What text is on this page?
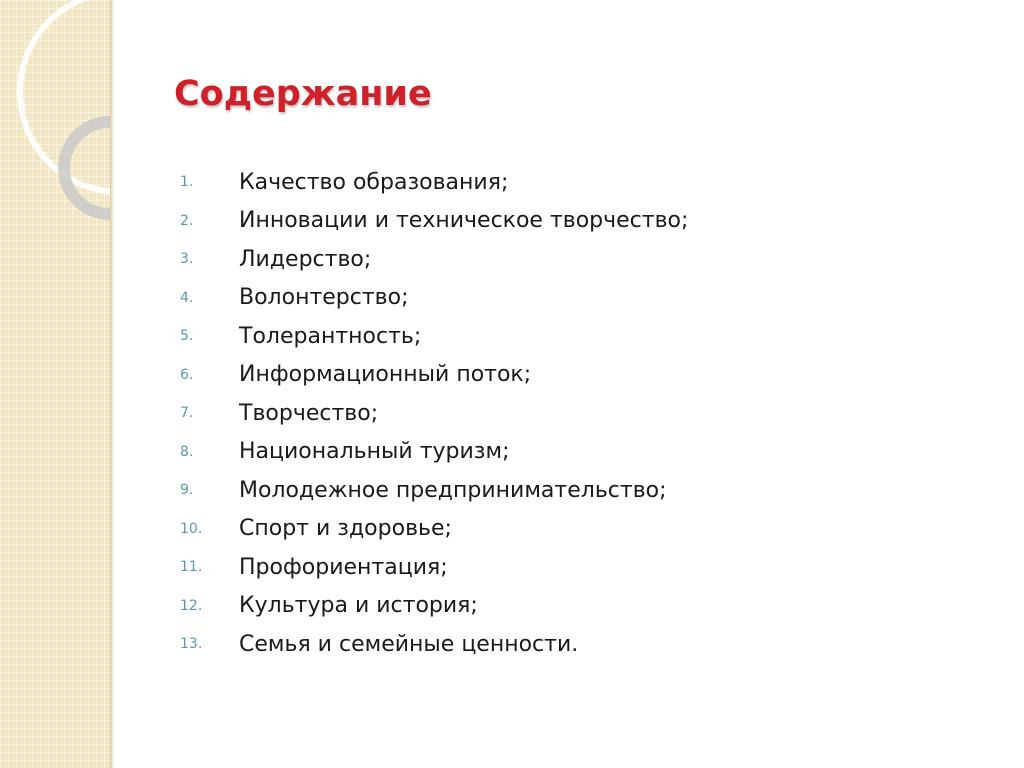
Содержание
1.	Качество образования;
2.	Инновации и техническое творчество;
3.	Лидерство;
4.	Волонтерство;
5.	Толерантность;
6.	Информационный поток;
7.	Творчество;
8.	Национальный туризм;
9.	Молодежное предпринимательство;
10.	Спорт и здоровье;
11.	Профориентация;
12.	Культура и история;
13.	Семья и семейные ценности.
